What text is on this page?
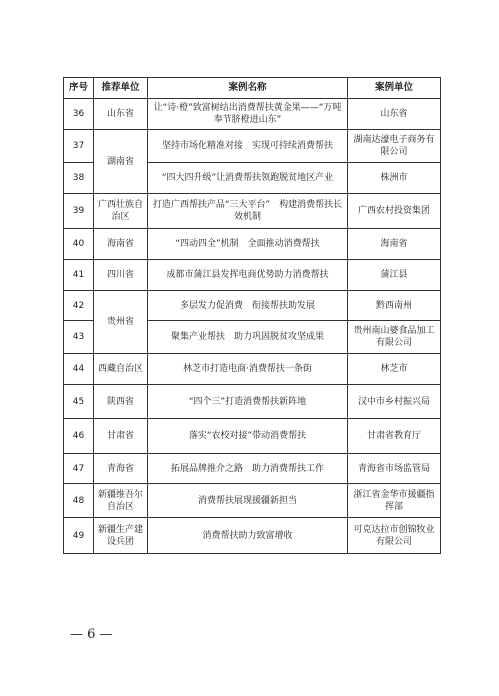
序号	推荐单位	案例名称	案例单位
36	山东省	让“诗·橙”致富树结出消费帮扶黄金果——“万吨奉节脐橙进山东”	山东省
37	湖南省	坚持市场化精准对接　实现可持续消费帮扶	湖南达濠电子商务有限公司
38		“四大四升级”让消费帮扶领跑脱贫地区产业	株洲市
39	广西壮族自治区	打造广西帮扶产品“三大平台”　构建消费帮扶长效机制	广西农村投资集团
40	海南省	“四动四全”机制　全面推动消费帮扶	海南省
41	四川省	成都市蒲江县发挥电商优势助力消费帮扶	蒲江县
42	贵州省	多层发力促消费　衔接帮扶助发展	黔西南州
43		聚集产业帮扶　助力巩固脱贫攻坚成果	贵州南山婆食品加工有限公司
44	西藏自治区	林芝市打造电商·消费帮扶一条街	林芝市
45	陕西省	“四个三”打造消费帮扶新阵地	汉中市乡村振兴局
46	甘肃省	落实“农校对接”带动消费帮扶	甘肃省教育厅
47	青海省	拓展品牌推介之路　助力消费帮扶工作	青海省市场监管局
48	新疆维吾尔自治区	消费帮扶展现援疆新担当	浙江省金华市援疆指挥部
49	新疆生产建设兵团	消费帮扶助力致富增收	可克达拉市创锦牧业有限公司
— 6 —
